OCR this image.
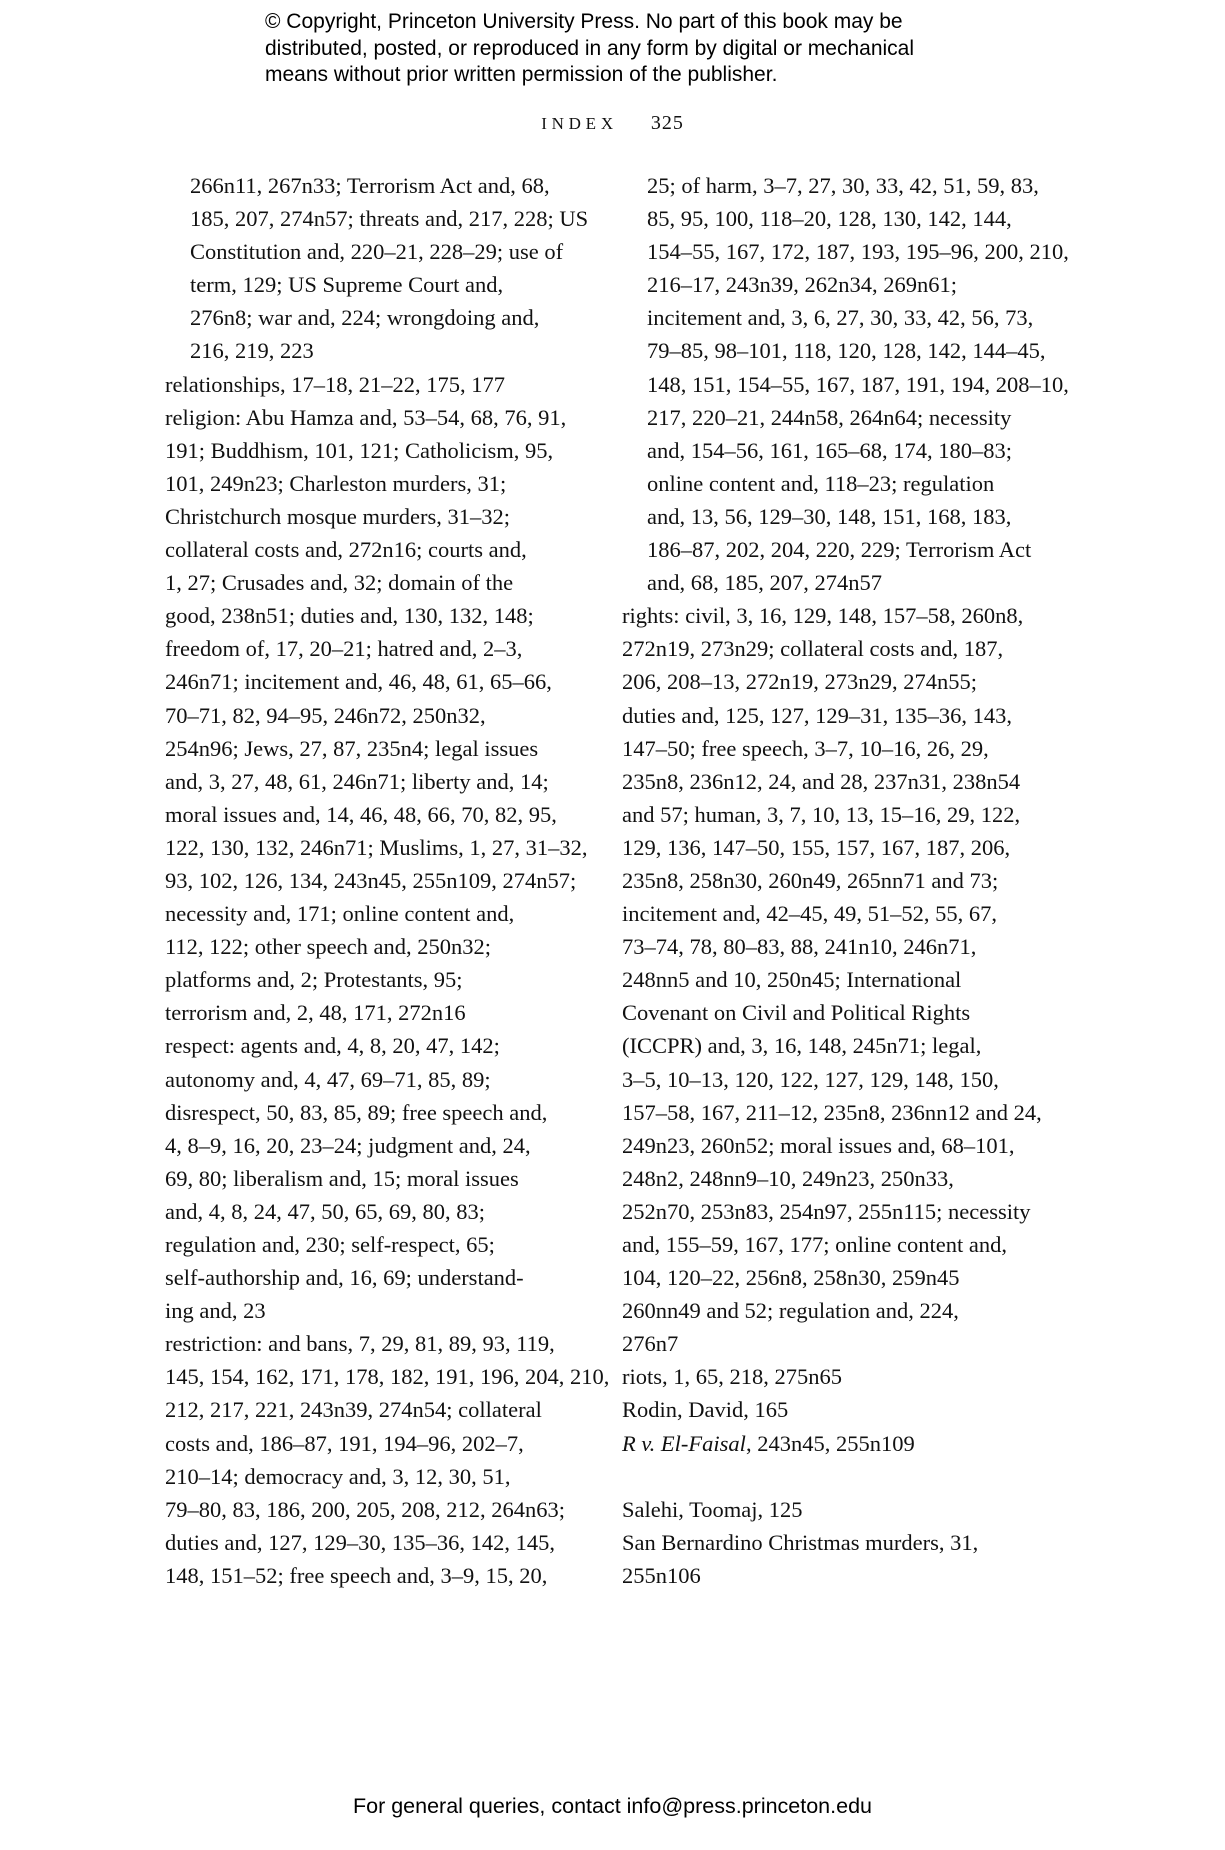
© Copyright, Princeton University Press. No part of this book may be
distributed, posted, or reproduced in any form by digital or mechanical
means without prior written permission of the publisher.
INDEX 325
266n11, 267n33; Terrorism Act and, 68,
185, 207, 274n57; threats and, 217, 228; US
Constitution and, 220–21, 228–29; use of
term, 129; US Supreme Court and,
276n8; war and, 224; wrongdoing and,
216, 219, 223
relationships, 17–18, 21–22, 175, 177
religion: Abu Hamza and, 53–54, 68, 76, 91,
191; Buddhism, 101, 121; Catholicism, 95,
101, 249n23; Charleston murders, 31;
Christchurch mosque murders, 31–32;
collateral costs and, 272n16; courts and,
1, 27; Crusades and, 32; domain of the
good, 238n51; duties and, 130, 132, 148;
freedom of, 17, 20–21; hatred and, 2–3,
246n71; incitement and, 46, 48, 61, 65–66,
70–71, 82, 94–95, 246n72, 250n32,
254n96; Jews, 27, 87, 235n4; legal issues
and, 3, 27, 48, 61, 246n71; liberty and, 14;
moral issues and, 14, 46, 48, 66, 70, 82, 95,
122, 130, 132, 246n71; Muslims, 1, 27, 31–32,
93, 102, 126, 134, 243n45, 255n109, 274n57;
necessity and, 171; online content and,
112, 122; other speech and, 250n32;
platforms and, 2; Protestants, 95;
terrorism and, 2, 48, 171, 272n16
respect: agents and, 4, 8, 20, 47, 142;
autonomy and, 4, 47, 69–71, 85, 89;
disrespect, 50, 83, 85, 89; free speech and,
4, 8–9, 16, 20, 23–24; judgment and, 24,
69, 80; liberalism and, 15; moral issues
and, 4, 8, 24, 47, 50, 65, 69, 80, 83;
regulation and, 230; self-respect, 65;
self-authorship and, 16, 69; understand-
ing and, 23
restriction: and bans, 7, 29, 81, 89, 93, 119,
145, 154, 162, 171, 178, 182, 191, 196, 204, 210,
212, 217, 221, 243n39, 274n54; collateral
costs and, 186–87, 191, 194–96, 202–7,
210–14; democracy and, 3, 12, 30, 51,
79–80, 83, 186, 200, 205, 208, 212, 264n63;
duties and, 127, 129–30, 135–36, 142, 145,
148, 151–52; free speech and, 3–9, 15, 20,
25; of harm, 3–7, 27, 30, 33, 42, 51, 59, 83,
85, 95, 100, 118–20, 128, 130, 142, 144,
154–55, 167, 172, 187, 193, 195–96, 200, 210,
216–17, 243n39, 262n34, 269n61;
incitement and, 3, 6, 27, 30, 33, 42, 56, 73,
79–85, 98–101, 118, 120, 128, 142, 144–45,
148, 151, 154–55, 167, 187, 191, 194, 208–10,
217, 220–21, 244n58, 264n64; necessity
and, 154–56, 161, 165–68, 174, 180–83;
online content and, 118–23; regulation
and, 13, 56, 129–30, 148, 151, 168, 183,
186–87, 202, 204, 220, 229; Terrorism Act
and, 68, 185, 207, 274n57
rights: civil, 3, 16, 129, 148, 157–58, 260n8,
272n19, 273n29; collateral costs and, 187,
206, 208–13, 272n19, 273n29, 274n55;
duties and, 125, 127, 129–31, 135–36, 143,
147–50; free speech, 3–7, 10–16, 26, 29,
235n8, 236n12, 24, and 28, 237n31, 238n54
and 57; human, 3, 7, 10, 13, 15–16, 29, 122,
129, 136, 147–50, 155, 157, 167, 187, 206,
235n8, 258n30, 260n49, 265nn71 and 73;
incitement and, 42–45, 49, 51–52, 55, 67,
73–74, 78, 80–83, 88, 241n10, 246n71,
248nn5 and 10, 250n45; International
Covenant on Civil and Political Rights
(ICCPR) and, 3, 16, 148, 245n71; legal,
3–5, 10–13, 120, 122, 127, 129, 148, 150,
157–58, 167, 211–12, 235n8, 236nn12 and 24,
249n23, 260n52; moral issues and, 68–101,
248n2, 248nn9–10, 249n23, 250n33,
252n70, 253n83, 254n97, 255n115; necessity
and, 155–59, 167, 177; online content and,
104, 120–22, 256n8, 258n30, 259n45
260nn49 and 52; regulation and, 224,
276n7
riots, 1, 65, 218, 275n65
Rodin, David, 165
R v. El-Faisal, 243n45, 255n109
Salehi, Toomaj, 125
San Bernardino Christmas murders, 31,
255n106
For general queries, contact info@press.princeton.edu
